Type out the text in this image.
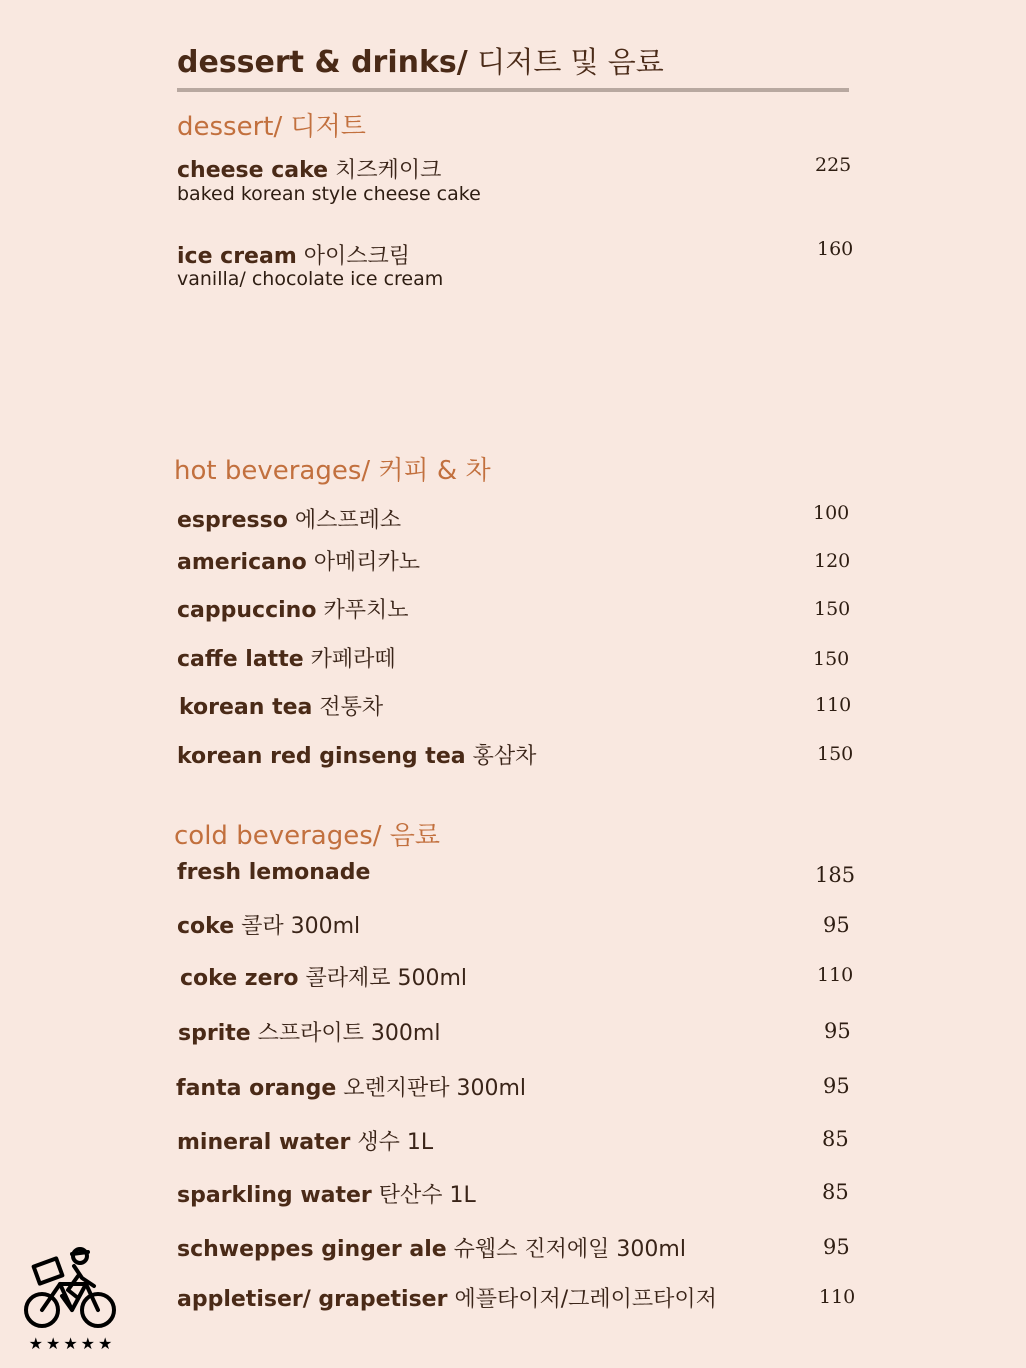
dessert & drinks/ 디저트 및 음료
dessert/ 디저트
cheese cake 치즈케이크
baked korean style cheese cake
225
ice cream 아이스크림
vanilla/ chocolate ice cream
160
hot beverages/ 커피 & 차
espresso 에스프레소	100
americano 아메리카노	120
cappuccino 카푸치노	150
caffe latte 카페라떼	150
korean tea 전통차	110
korean red ginseng tea 홍삼차	150
cold beverages/ 음료
fresh lemonade	185
coke 콜라 300ml	95
coke zero 콜라제로 500ml	110
sprite 스프라이트 300ml	95
fanta orange 오렌지판타 300ml	95
mineral water 생수 1L	85
sparkling water 탄산수 1L	85
schweppes ginger ale 슈웹스 진저에일 300ml	95
appletiser/ grapetiser 에플타이저/그레이프타이저	110
★★★★★
